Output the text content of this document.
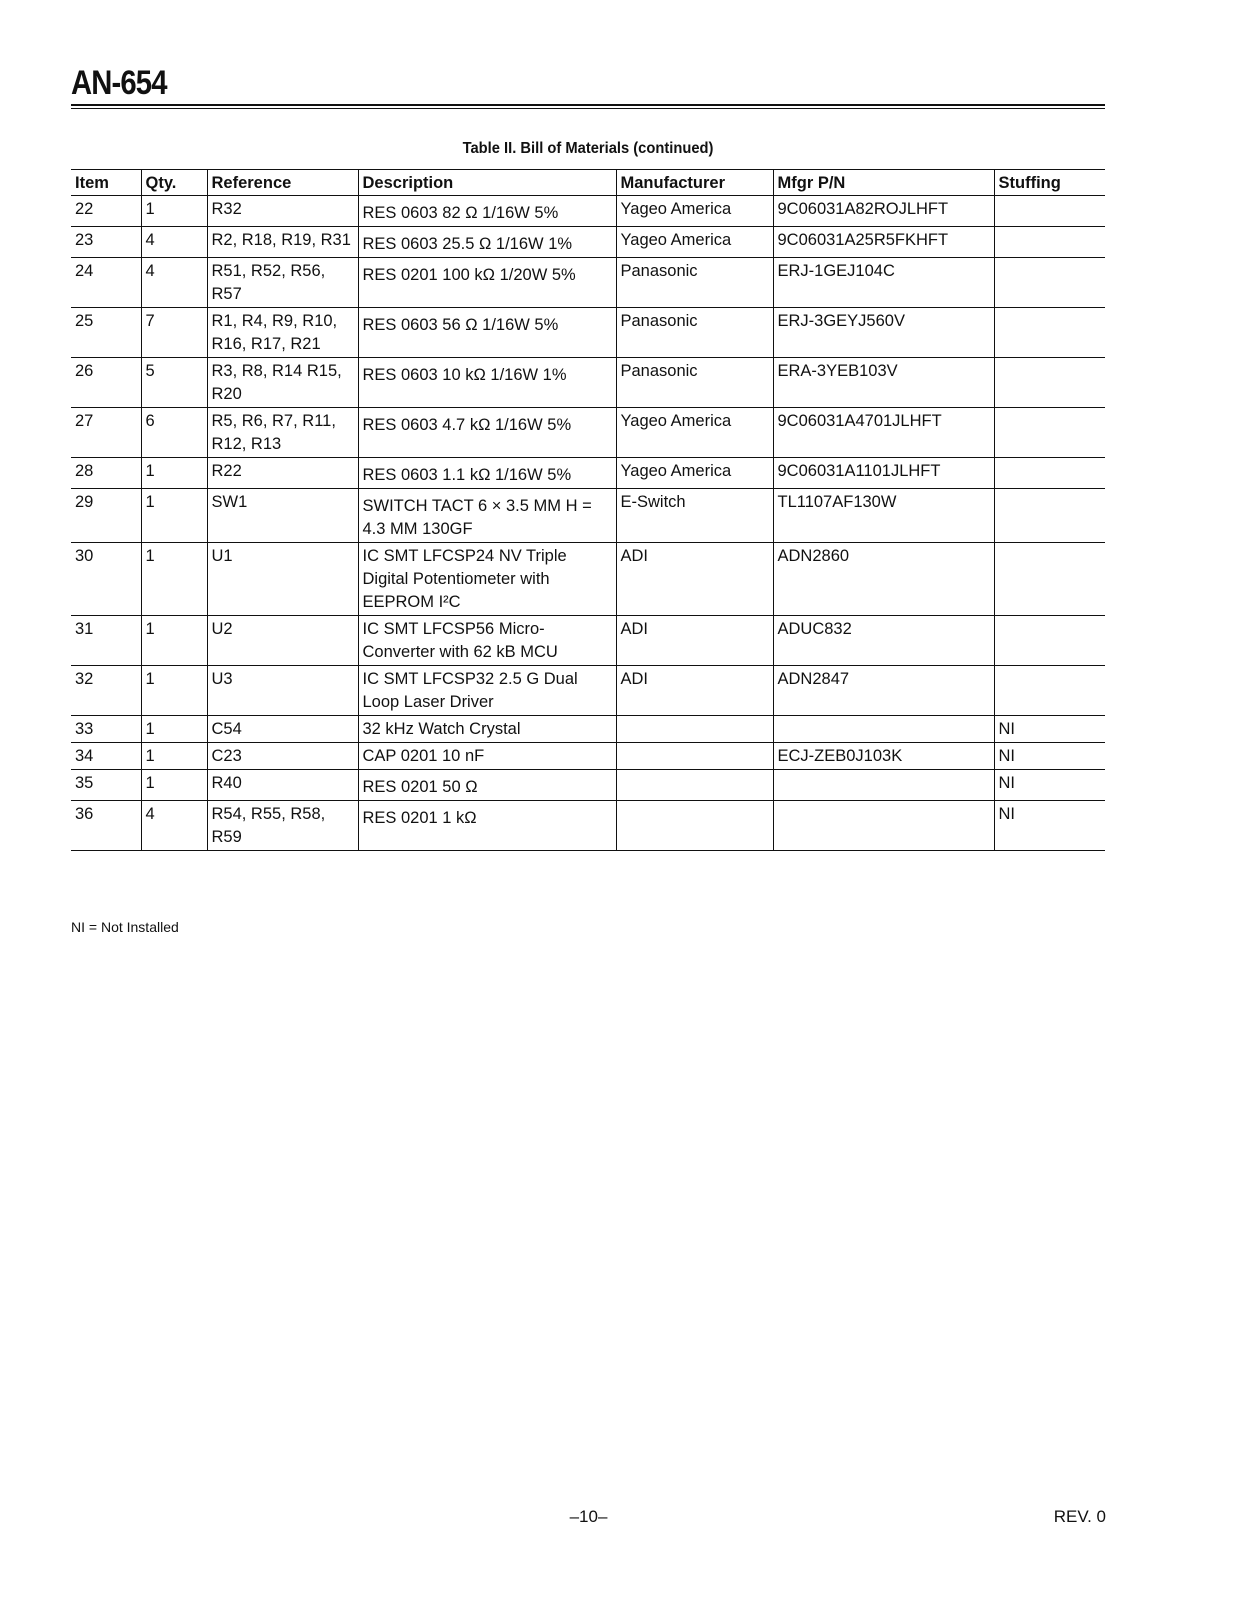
AN-654
Table II. Bill of Materials (continued)
Item	Qty.	Reference	Description	Manufacturer	Mfgr P/N	Stuffing
22	1	R32	RES 0603 82 Ω 1/16W 5%	Yageo America	9C06031A82ROJLHFT	
23	4	R2, R18, R19, R31	RES 0603 25.5 Ω 1/16W 1%	Yageo America	9C06031A25R5FKHFT	
24	4	R51, R52, R56, R57	RES 0201 100 kΩ 1/20W 5%	Panasonic	ERJ-1GEJ104C	
25	7	R1, R4, R9, R10, R16, R17, R21	RES 0603 56 Ω 1/16W 5%	Panasonic	ERJ-3GEYJ560V	
26	5	R3, R8, R14 R15, R20	RES 0603 10 kΩ 1/16W 1%	Panasonic	ERA-3YEB103V	
27	6	R5, R6, R7, R11, R12, R13	RES 0603 4.7 kΩ 1/16W 5%	Yageo America	9C06031A4701JLHFT	
28	1	R22	RES 0603 1.1 kΩ 1/16W 5%	Yageo America	9C06031A1101JLHFT	
29	1	SW1	SWITCH TACT 6 × 3.5 MM H = 4.3 MM 130GF	E-Switch	TL1107AF130W	
30	1	U1	IC SMT LFCSP24 NV Triple Digital Potentiometer with EEPROM I²C	ADI	ADN2860	
31	1	U2	IC SMT LFCSP56 Micro-Converter with 62 kB MCU	ADI	ADUC832	
32	1	U3	IC SMT LFCSP32 2.5 G Dual Loop Laser Driver	ADI	ADN2847	
33	1	C54	32 kHz Watch Crystal			NI
34	1	C23	CAP 0201 10 nF		ECJ-ZEB0J103K	NI
35	1	R40	RES 0201 50 Ω			NI
36	4	R54, R55, R58, R59	RES 0201 1 kΩ			NI
NI = Not Installed
–10–	REV. 0
